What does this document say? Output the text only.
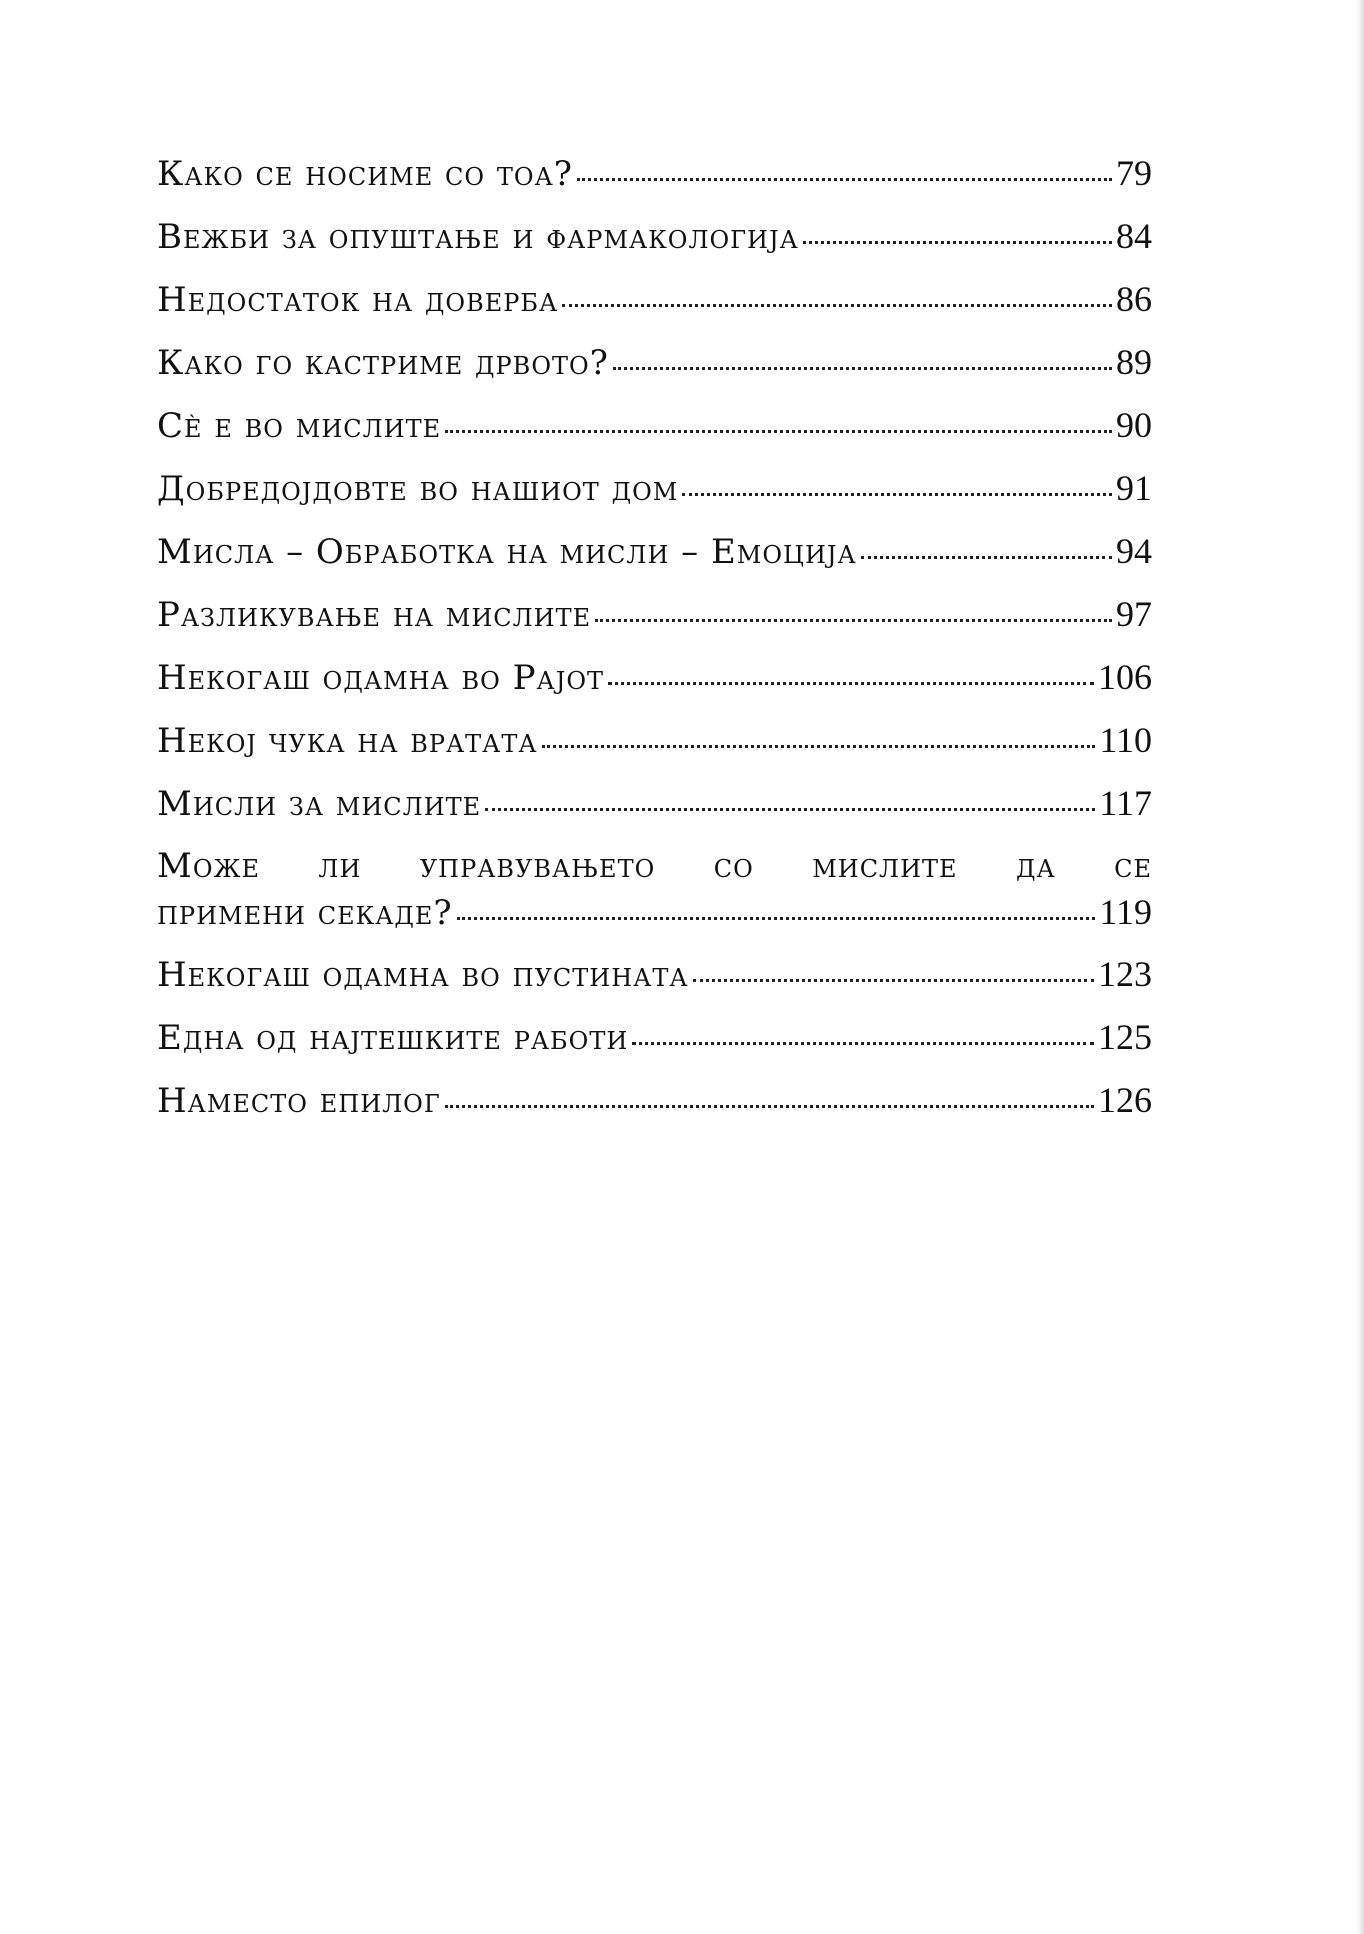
Како се носиме со тоа?	79
Вежби за опуштање и фармакологија	84
Недостаток на доверба	86
Како го кастриме дрвото?	89
Сѐ е во мислите	90
Добредојдовте во нашиот дом	91
Мисла – Обработка на мисли – Емоција	94
Разликување на мислите	97
Некогаш одамна во Рајот	106
Некој чука на вратата	110
Мисли за мислите	117
Може ли управувањето со мислите да се
примени секаде?	119
Некогаш одамна во пустината	123
Една од најтешките работи	125
Наместо епилог	126
